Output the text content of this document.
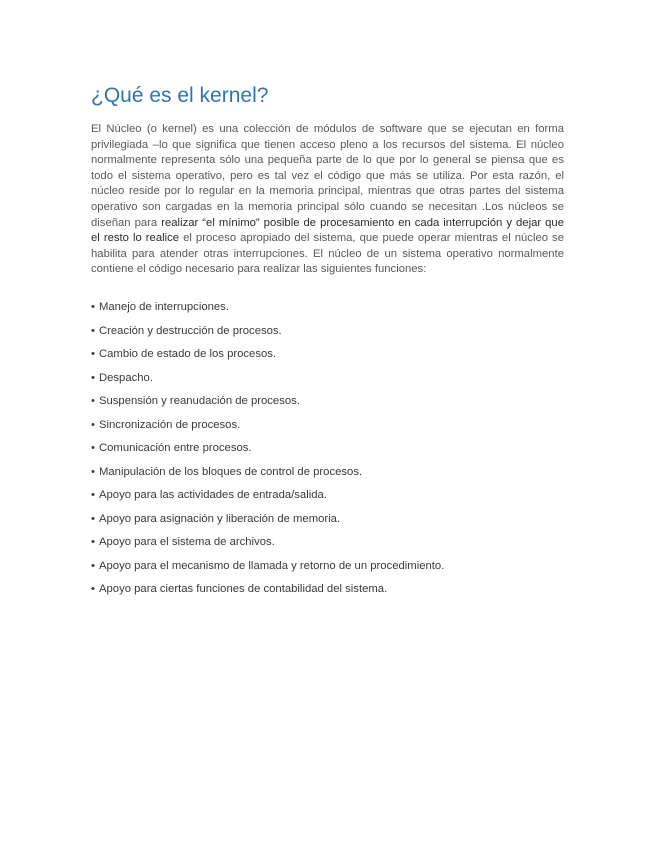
¿Qué es el kernel?

El Núcleo (o kernel) es una colección de módulos de software que se ejecutan en forma privilegiada –lo que significa que tienen acceso pleno a los recursos del sistema. El núcleo normalmente representa sólo una pequeña parte de lo que por lo general se piensa que es todo el sistema operativo, pero es tal vez el código que más se utiliza. Por esta razón, el núcleo reside por lo regular en la memoria principal, mientras que otras partes del sistema operativo son cargadas en la memoria principal sólo cuando se necesitan .Los núcleos se diseñan para realizar “el mínimo” posible de procesamiento en cada interrupción y dejar que el resto lo realice el proceso apropiado del sistema, que puede operar mientras el núcleo se habilita para atender otras interrupciones. El núcleo de un sistema operativo normalmente contiene el código necesario para realizar las siguientes funciones:

• Manejo de interrupciones.
• Creación y destrucción de procesos.
• Cambio de estado de los procesos.
• Despacho.
• Suspensión y reanudación de procesos.
• Sincronización de procesos.
• Comunicación entre procesos.
• Manipulación de los bloques de control de procesos.
• Apoyo para las actividades de entrada/salida.
• Apoyo para asignación y liberación de memoria.
• Apoyo para el sistema de archivos.
• Apoyo para el mecanismo de llamada y retorno de un procedimiento.
• Apoyo para ciertas funciones de contabilidad del sistema.
